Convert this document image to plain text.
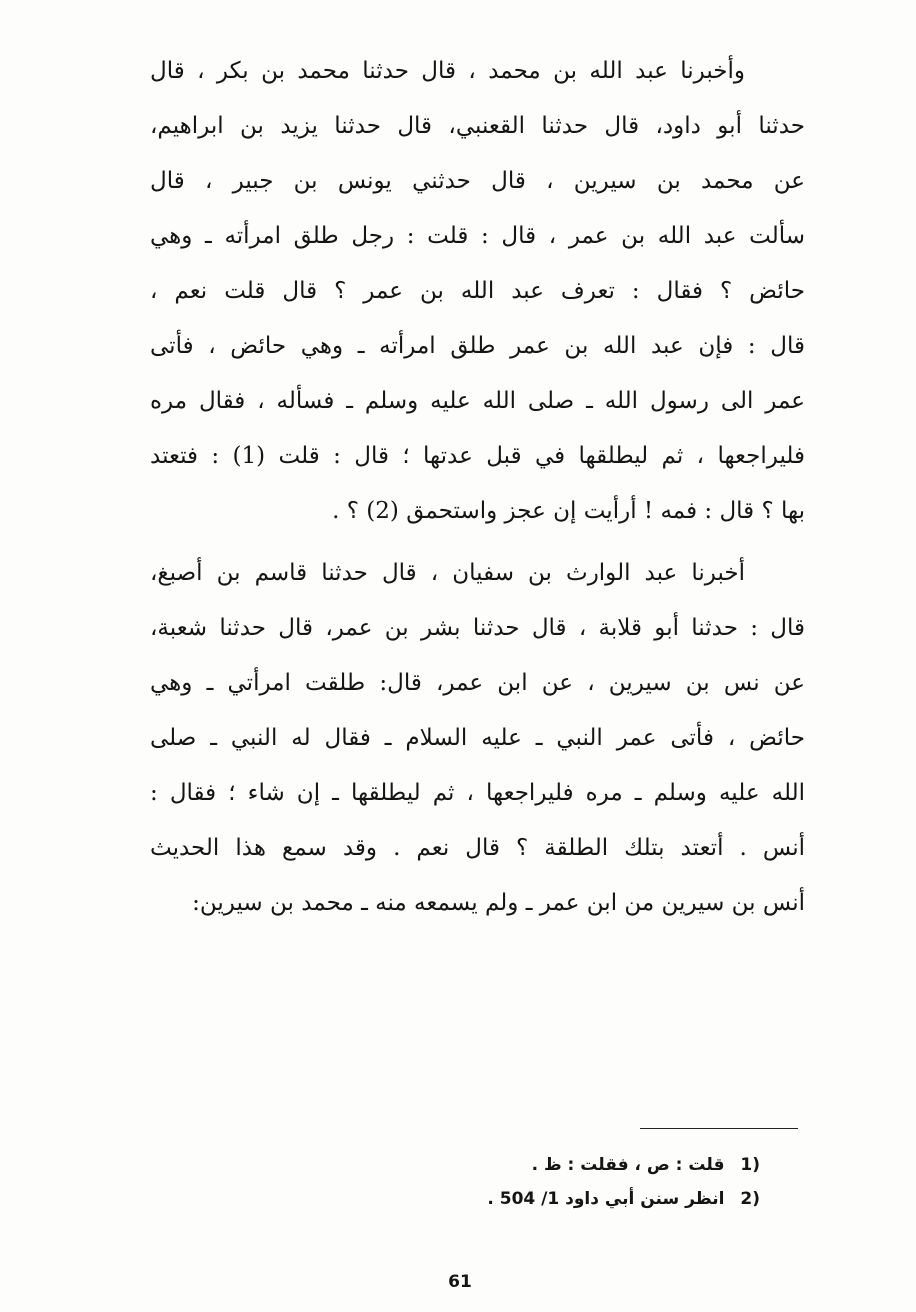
وأخبرنا عبد الله بن محمد ، قال حدثنا محمد بن بكر ، قال
حدثنا أبو داود، قال حدثنا القعنبي، قال حدثنا يزيد بن ابراهيم،
عن محمد بن سيرين ، قال حدثني يونس بن جبير ، قال
سألت عبد الله بن عمر ، قال : قلت : رجل طلق امرأته ـ وهي
حائض ؟ فقال : تعرف عبد الله بن عمر ؟ قال قلت نعم ،
قال : فإن عبد الله بن عمر طلق امرأته ـ وهي حائض ، فأتى
عمر الى رسول الله ـ صلى الله عليه وسلم ـ فسأله ، فقال مره
فليراجعها ، ثم ليطلقها في قبل عدتها ؛ قال : قلت (1) : فتعتد
بها ؟ قال : فمه ! أرأيت إن عجز واستحمق (2) ؟ .
أخبرنا عبد الوارث بن سفيان ، قال حدثنا قاسم بن أصبغ،
قال : حدثنا أبو قلابة ، قال حدثنا بشر بن عمر، قال حدثنا شعبة،
عن نس بن سيرين ، عن ابن عمر، قال: طلقت امرأتي ـ وهي
حائض ، فأتى عمر النبي ـ عليه السلام ـ فقال له النبي ـ صلى
الله عليه وسلم ـ مره فليراجعها ، ثم ليطلقها ـ إن شاء ؛ فقال :
أنس . أتعتد بتلك الطلقة ؟ قال نعم . وقد سمع هذا الحديث
أنس بن سيرين من ابن عمر ـ ولم يسمعه منه ـ محمد بن سيرين:
(1 قلت : ص ، فقلت : ظ .
(2 انظر سنن أبي داود 1/ 504 .
61
